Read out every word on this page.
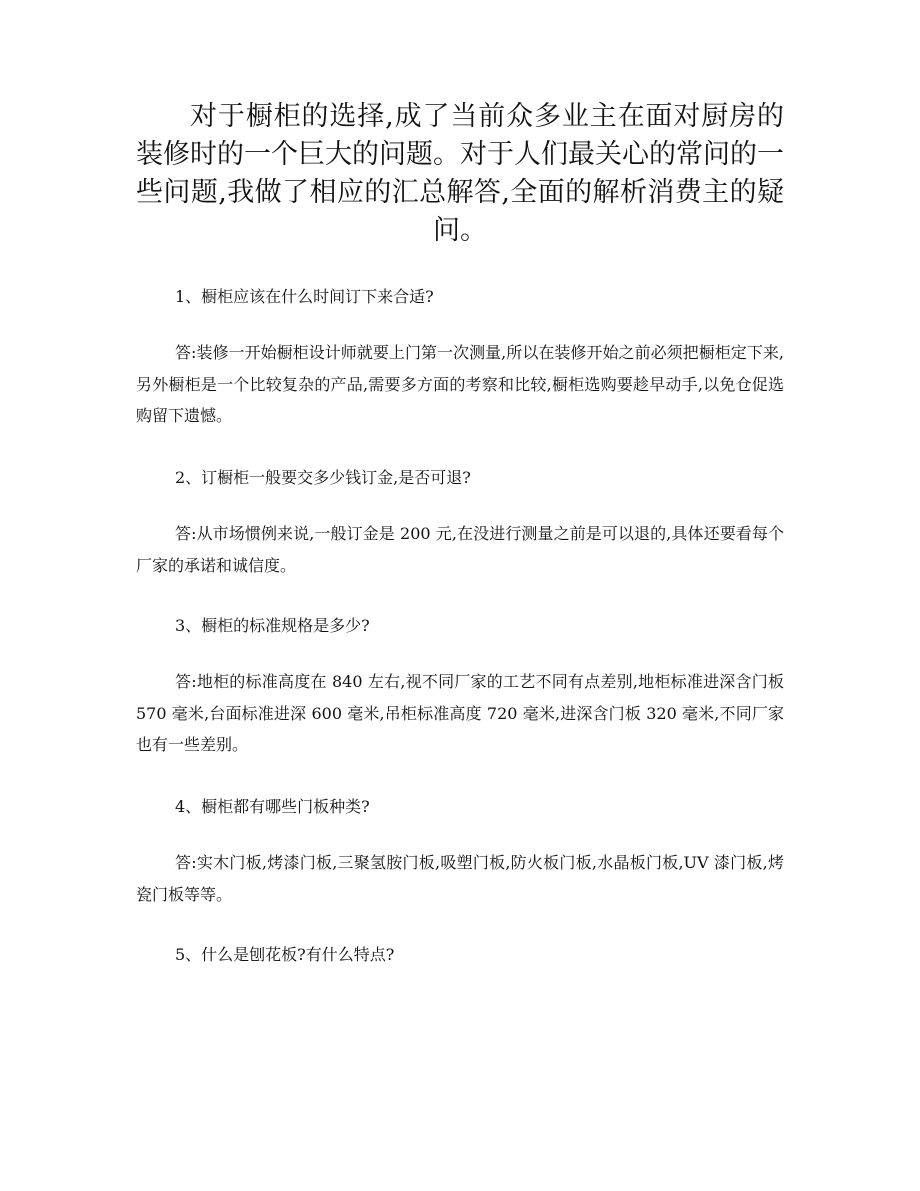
对于橱柜的选择,成了当前众多业主在面对厨房的装修时的一个巨大的问题。对于人们最关心的常问的一些问题,我做了相应的汇总解答,全面的解析消费主的疑问。

1、橱柜应该在什么时间订下来合适?

答:装修一开始橱柜设计师就要上门第一次测量,所以在装修开始之前必须把橱柜定下来,另外橱柜是一个比较复杂的产品,需要多方面的考察和比较,橱柜选购要趁早动手,以免仓促选购留下遗憾。

2、订橱柜一般要交多少钱订金,是否可退?

答:从市场惯例来说,一般订金是 200 元,在没进行测量之前是可以退的,具体还要看每个厂家的承诺和诚信度。

3、橱柜的标准规格是多少?

答:地柜的标准高度在 840 左右,视不同厂家的工艺不同有点差别,地柜标准进深含门板 570 毫米,台面标准进深 600 毫米,吊柜标准高度 720 毫米,进深含门板 320 毫米,不同厂家也有一些差别。

4、橱柜都有哪些门板种类?

答:实木门板,烤漆门板,三聚氢胺门板,吸塑门板,防火板门板,水晶板门板,UV 漆门板,烤瓷门板等等。

5、什么是刨花板?有什么特点?
